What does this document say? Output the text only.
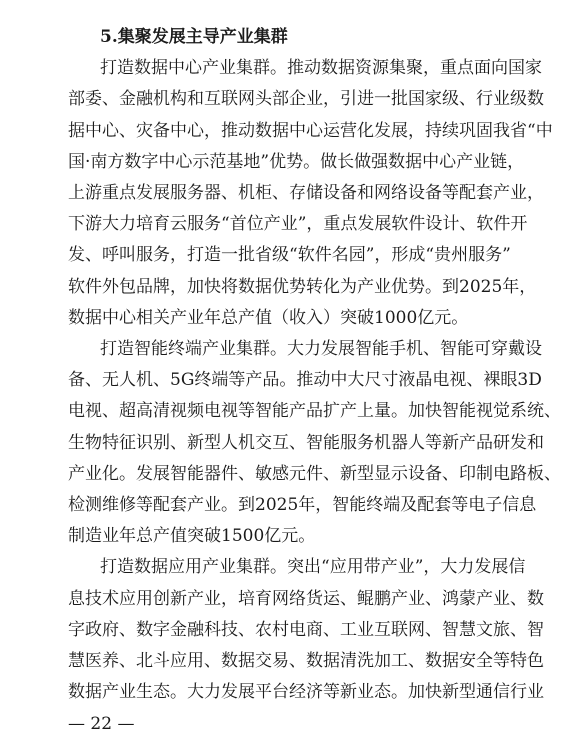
5.集聚发展主导产业集群
打造数据中心产业集群。推动数据资源集聚，重点面向国家
部委、金融机构和互联网头部企业，引进一批国家级、行业级数
据中心、灾备中心，推动数据中心运营化发展，持续巩固我省“中
国·南方数字中心示范基地”优势。做长做强数据中心产业链，
上游重点发展服务器、机柜、存储设备和网络设备等配套产业，
下游大力培育云服务“首位产业”，重点发展软件设计、软件开
发、呼叫服务，打造一批省级“软件名园”，形成“贵州服务”
软件外包品牌，加快将数据优势转化为产业优势。到2025年，
数据中心相关产业年总产值（收入）突破1000亿元。
打造智能终端产业集群。大力发展智能手机、智能可穿戴设
备、无人机、5G终端等产品。推动中大尺寸液晶电视、裸眼3D
电视、超高清视频电视等智能产品扩产上量。加快智能视觉系统、
生物特征识别、新型人机交互、智能服务机器人等新产品研发和
产业化。发展智能器件、敏感元件、新型显示设备、印制电路板、
检测维修等配套产业。到2025年，智能终端及配套等电子信息
制造业年总产值突破1500亿元。
打造数据应用产业集群。突出“应用带产业”，大力发展信
息技术应用创新产业，培育网络货运、鲲鹏产业、鸿蒙产业、数
字政府、数字金融科技、农村电商、工业互联网、智慧文旅、智
慧医养、北斗应用、数据交易、数据清洗加工、数据安全等特色
数据产业生态。大力发展平台经济等新业态。加快新型通信行业
— 22 —
